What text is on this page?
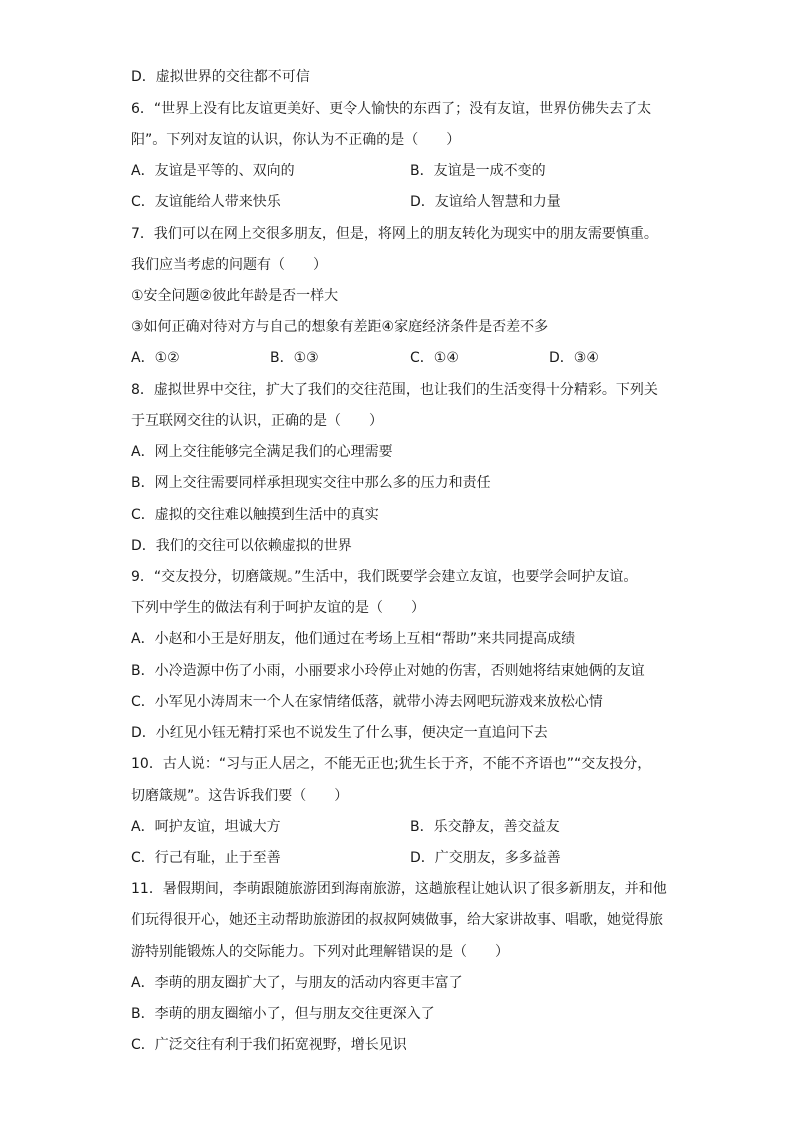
D．虚拟世界的交往都不可信
6．“世界上没有比友谊更美好、更令人愉快的东西了；没有友谊，世界仿佛失去了太
阳”。下列对友谊的认识，你认为不正确的是（　　）
A．友谊是平等的、双向的	B．友谊是一成不变的
C．友谊能给人带来快乐	D．友谊给人智慧和力量
7．我们可以在网上交很多朋友，但是，将网上的朋友转化为现实中的朋友需要慎重。
我们应当考虑的问题有（　　）
①安全问题②彼此年龄是否一样大
③如何正确对待对方与自己的想象有差距④家庭经济条件是否差不多
A．①②	B．①③	C．①④	D．③④
8．虚拟世界中交往，扩大了我们的交往范围，也让我们的生活变得十分精彩。下列关
于互联网交往的认识，正确的是（　　）
A．网上交往能够完全满足我们的心理需要
B．网上交往需要同样承担现实交往中那么多的压力和责任
C．虚拟的交往难以触摸到生活中的真实
D．我们的交往可以依赖虚拟的世界
9．“交友投分，切磨箴规。”生活中，我们既要学会建立友谊，也要学会呵护友谊。
下列中学生的做法有利于呵护友谊的是（　　）
A．小赵和小王是好朋友，他们通过在考场上互相“帮助”来共同提高成绩
B．小冷造源中伤了小雨，小丽要求小玲停止对她的伤害，否则她将结束她俩的友谊
C．小军见小涛周末一个人在家情绪低落，就带小涛去网吧玩游戏来放松心情
D．小红见小钰无精打采也不说发生了什么事，便决定一直追问下去
10．古人说：“习与正人居之，不能无正也;犹生长于齐，不能不齐语也”“交友投分，
切磨箴规”。这告诉我们要（　　）
A．呵护友谊，坦诚大方	B．乐交静友，善交益友
C．行己有耻，止于至善	D．广交朋友，多多益善
11．暑假期间，李萌跟随旅游团到海南旅游，这趟旅程让她认识了很多新朋友，并和他
们玩得很开心，她还主动帮助旅游团的叔叔阿姨做事，给大家讲故事、唱歌，她觉得旅
游特别能锻炼人的交际能力。下列对此理解错误的是（　　）
A．李萌的朋友圈扩大了，与朋友的活动内容更丰富了
B．李萌的朋友圈缩小了，但与朋友交往更深入了
C．广泛交往有利于我们拓宽视野，增长见识
